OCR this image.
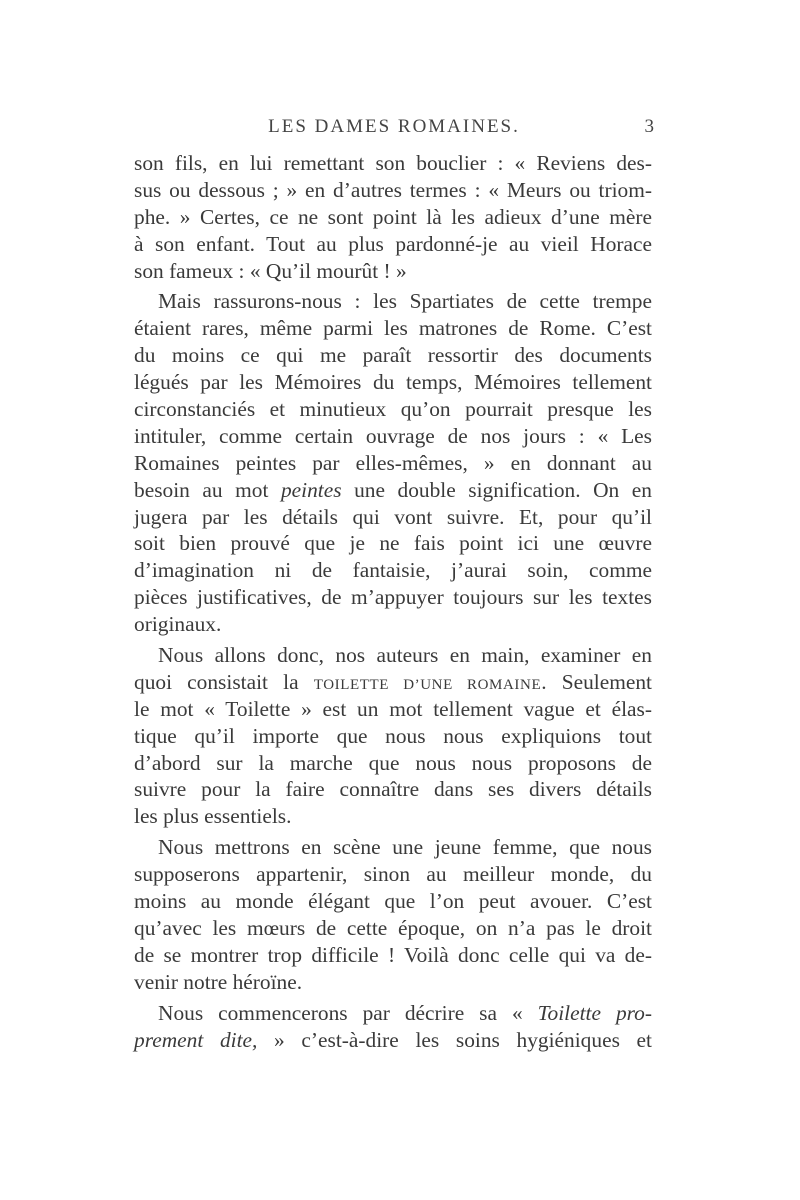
LES DAMES ROMAINES.	3
son fils, en lui remettant son bouclier : « Reviens des-
sus ou dessous ; » en d’autres termes : « Meurs ou triom-
phe. » Certes, ce ne sont point là les adieux d’une mère
à son enfant. Tout au plus pardonné-je au vieil Horace
son fameux : « Qu’il mourût ! »
Mais rassurons-nous : les Spartiates de cette trempe
étaient rares, même parmi les matrones de Rome. C’est
du moins ce qui me paraît ressortir des documents
légués par les Mémoires du temps, Mémoires tellement
circonstanciés et minutieux qu’on pourrait presque les
intituler, comme certain ouvrage de nos jours : « Les
Romaines peintes par elles-mêmes, » en donnant au
besoin au mot peintes une double signification. On en
jugera par les détails qui vont suivre. Et, pour qu’il
soit bien prouvé que je ne fais point ici une œuvre
d’imagination ni de fantaisie, j’aurai soin, comme
pièces justificatives, de m’appuyer toujours sur les textes
originaux.
Nous allons donc, nos auteurs en main, examiner en
quoi consistait la TOILETTE D’UNE ROMAINE. Seulement
le mot « Toilette » est un mot tellement vague et élas-
tique qu’il importe que nous nous expliquions tout
d’abord sur la marche que nous nous proposons de
suivre pour la faire connaître dans ses divers détails
les plus essentiels.
Nous mettrons en scène une jeune femme, que nous
supposerons appartenir, sinon au meilleur monde, du
moins au monde élégant que l’on peut avouer. C’est
qu’avec les mœurs de cette époque, on n’a pas le droit
de se montrer trop difficile ! Voilà donc celle qui va de-
venir notre héroïne.
Nous commencerons par décrire sa « Toilette pro-
prement dite, » c’est-à-dire les soins hygiéniques et
